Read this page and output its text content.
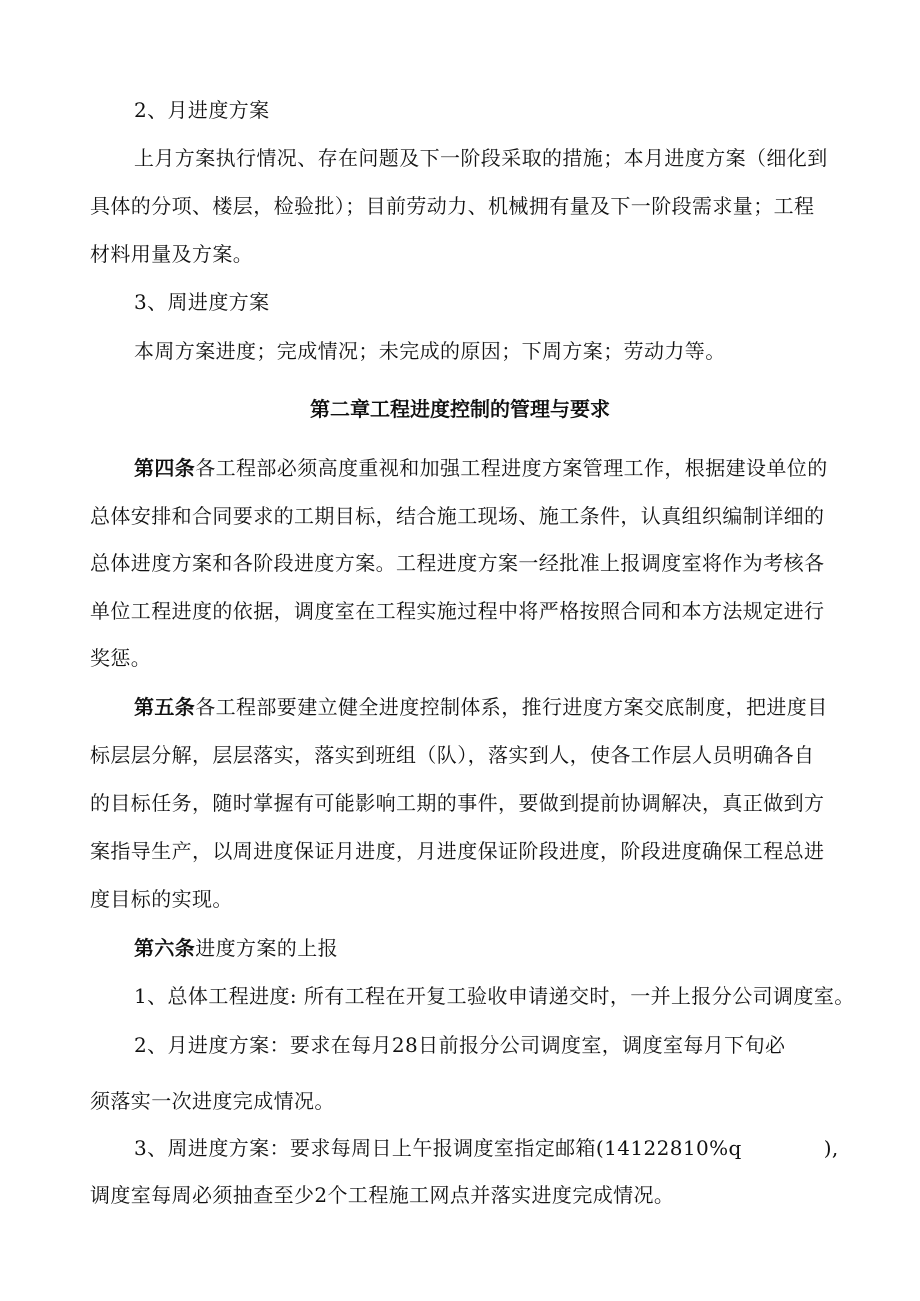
2、月进度方案
上月方案执行情况、存在问题及下一阶段采取的措施；本月进度方案（细化到
具体的分项、楼层，检验批）；目前劳动力、机械拥有量及下一阶段需求量；工程
材料用量及方案。
3、周进度方案
本周方案进度；完成情况；未完成的原因；下周方案；劳动力等。
第二章工程进度控制的管理与要求
第四条各工程部必须高度重视和加强工程进度方案管理工作，根据建设单位的
总体安排和合同要求的工期目标，结合施工现场、施工条件，认真组织编制详细的
总体进度方案和各阶段进度方案。工程进度方案一经批准上报调度室将作为考核各
单位工程进度的依据，调度室在工程实施过程中将严格按照合同和本方法规定进行
奖惩。
第五条各工程部要建立健全进度控制体系，推行进度方案交底制度，把进度目
标层层分解，层层落实，落实到班组（队），落实到人，使各工作层人员明确各自
的目标任务，随时掌握有可能影响工期的事件，要做到提前协调解决，真正做到方
案指导生产，以周进度保证月进度，月进度保证阶段进度，阶段进度确保工程总进
度目标的实现。
第六条进度方案的上报
1、总体工程进度: 所有工程在开复工验收申请递交时，一并上报分公司调度室。
2、月进度方案：要求在每月28日前报分公司调度室，调度室每月下旬必
须落实一次进度完成情况。
3、周进度方案：要求每周日上午报调度室指定邮箱(14122810%q	),
调度室每周必须抽查至少2个工程施工网点并落实进度完成情况。
